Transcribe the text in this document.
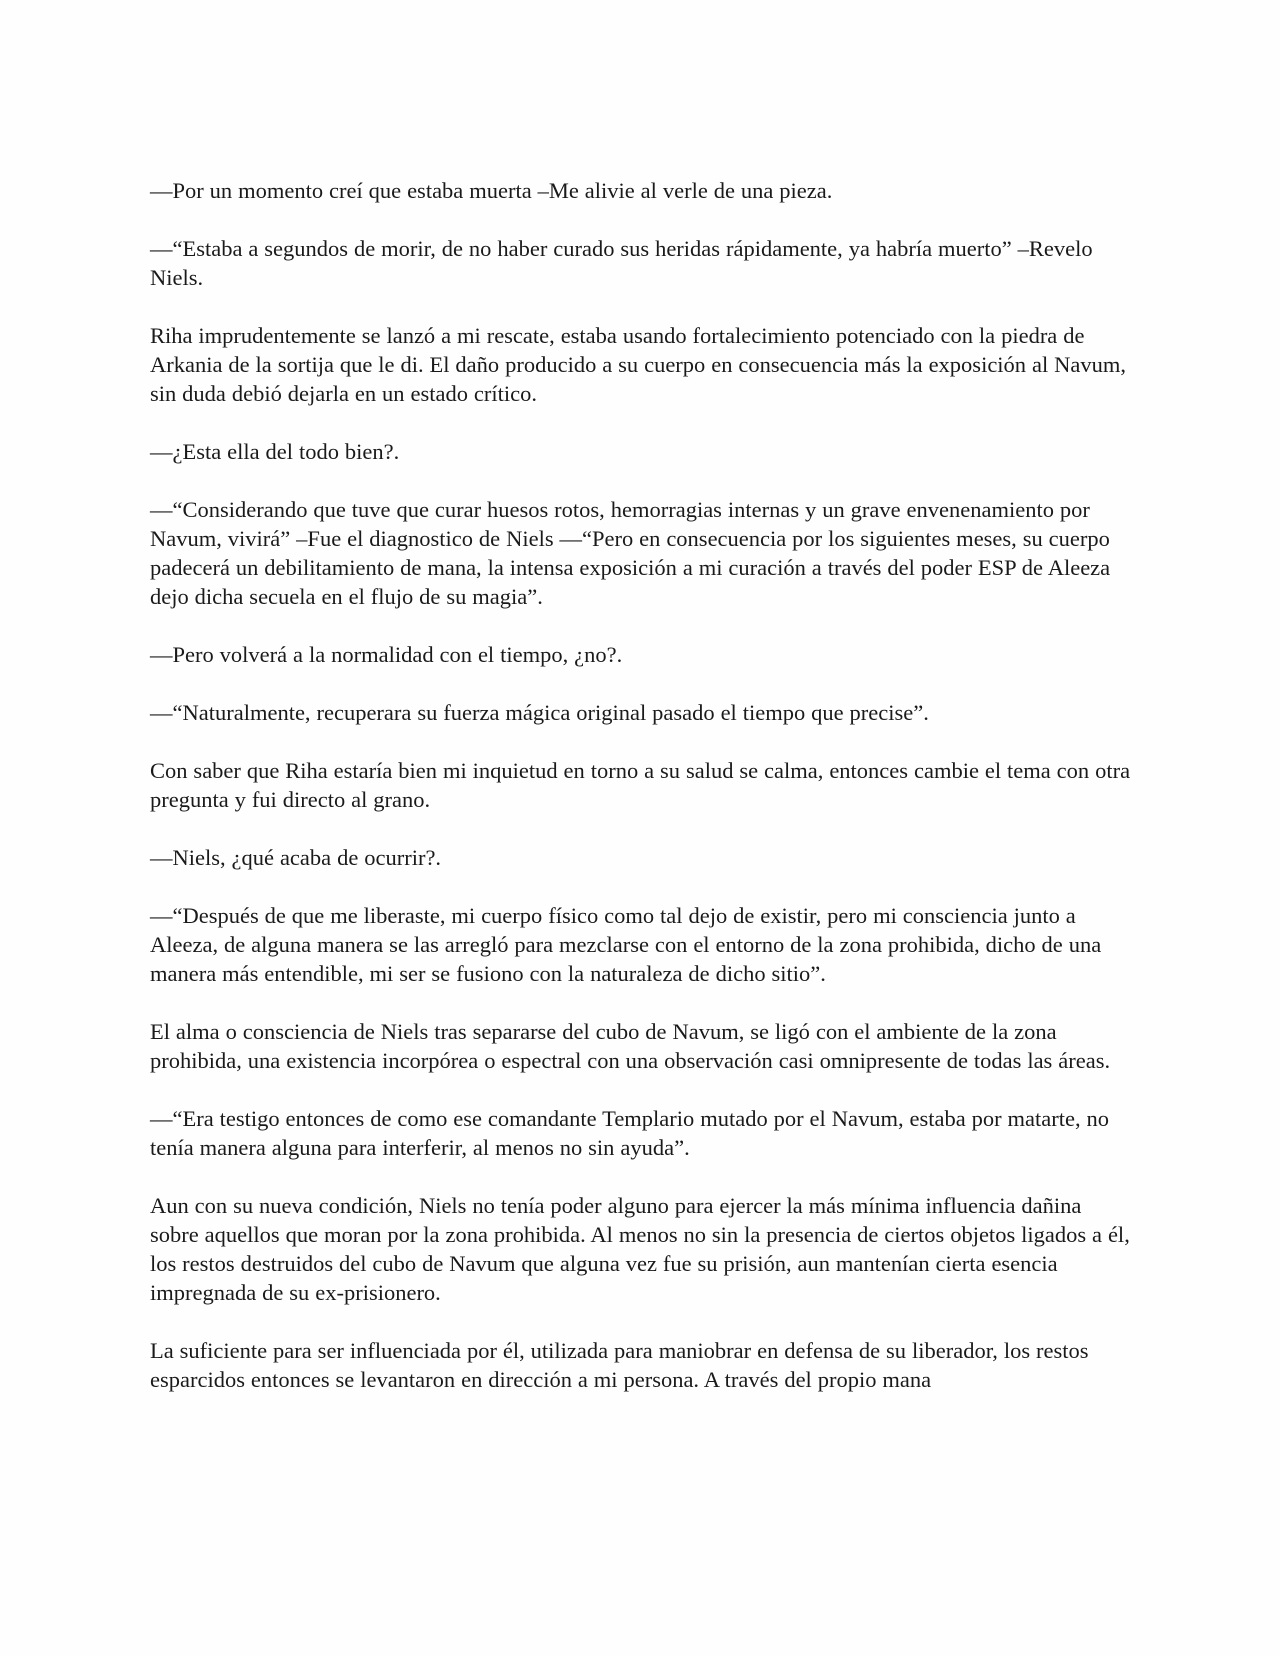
—Por un momento creí que estaba muerta –Me alivie al verle de una pieza.

—“Estaba a segundos de morir, de no haber curado sus heridas rápidamente, ya habría muerto” –Revelo Niels.

Riha imprudentemente se lanzó a mi rescate, estaba usando fortalecimiento potenciado con la piedra de Arkania de la sortija que le di. El daño producido a su cuerpo en consecuencia más la exposición al Navum, sin duda debió dejarla en un estado crítico.

—¿Esta ella del todo bien?.

—“Considerando que tuve que curar huesos rotos, hemorragias internas y un grave envenenamiento por Navum, vivirá” –Fue el diagnostico de Niels —“Pero en consecuencia por los siguientes meses, su cuerpo padecerá un debilitamiento de mana, la intensa exposición a mi curación a través del poder ESP de Aleeza dejo dicha secuela en el flujo de su magia”.

—Pero volverá a la normalidad con el tiempo, ¿no?.

—“Naturalmente, recuperara su fuerza mágica original pasado el tiempo que precise”.

Con saber que Riha estaría bien mi inquietud en torno a su salud se calma, entonces cambie el tema con otra pregunta y fui directo al grano.

—Niels, ¿qué acaba de ocurrir?.

—“Después de que me liberaste, mi cuerpo físico como tal dejo de existir, pero mi consciencia junto a Aleeza, de alguna manera se las arregló para mezclarse con el entorno de la zona prohibida, dicho de una manera más entendible, mi ser se fusiono con la naturaleza de dicho sitio”.

El alma o consciencia de Niels tras separarse del cubo de Navum, se ligó con el ambiente de la zona prohibida, una existencia incorpórea o espectral con una observación casi omnipresente de todas las áreas.

—“Era testigo entonces de como ese comandante Templario mutado por el Navum, estaba por matarte, no tenía manera alguna para interferir, al menos no sin ayuda”.

Aun con su nueva condición, Niels no tenía poder alguno para ejercer la más mínima influencia dañina sobre aquellos que moran por la zona prohibida. Al menos no sin la presencia de ciertos objetos ligados a él, los restos destruidos del cubo de Navum que alguna vez fue su prisión, aun mantenían cierta esencia impregnada de su ex-prisionero.

La suficiente para ser influenciada por él, utilizada para maniobrar en defensa de su liberador, los restos esparcidos entonces se levantaron en dirección a mi persona. A través del propio mana
